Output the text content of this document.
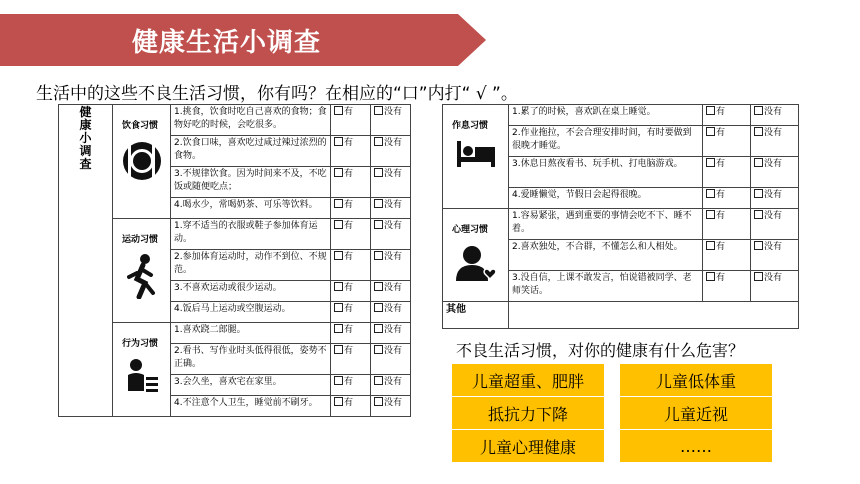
健康生活小调查
生活中的这些不良生活习惯，你有吗？在相应的“口”内打“ √ ”。
健
康
小
调
查	饮食习惯	1.挑食，饮食时吃自己喜欢的食物；食物好吃的时候，会吃很多。	有	没有
		2.饮食口味，喜欢吃过咸过辣过浓烈的食物。	有	没有
		3.不规律饮食。因为时间来不及，不吃饭或随便吃点；	有	没有
		4.喝水少，常喝奶茶、可乐等饮料。	有	没有

	运动习惯	1.穿不适当的衣服或鞋子参加体育运动。	有	没有
		2.参加体育运动时，动作不到位、不规范。	有	没有
		3.不喜欢运动或很少运动。	有	没有
		4.饭后马上运动或空腹运动。	有	没有

	行为习惯	1.喜欢跷二郎腿。	有	没有
		2.看书、写作业时头低得很低，姿势不正确。	有	没有
		3.会久坐，喜欢宅在家里。	有	没有
		4.不注意个人卫生，睡觉前不刷牙。	有	没有
作息习惯	1.累了的时候，喜欢趴在桌上睡觉。	有	没有
	2.作业拖拉，不会合理安排时间，有时要做到很晚才睡觉。	有	没有
	3.休息日熬夜看书、玩手机、打电脑游戏。	有	没有
	4.爱睡懒觉，节假日会起得很晚。	有	没有

心理习惯	1.容易紧张，遇到重要的事情会吃不下、睡不着。	有	没有
	2.喜欢独处，不合群，不懂怎么和人相处。	有	没有
	3.没自信，上课不敢发言，怕说错被同学、老师笑话。	有	没有
其他			
不良生活习惯，对你的健康有什么危害？
儿童超重、肥胖	儿童低体重
抵抗力下降	儿童近视
儿童心理健康	……
